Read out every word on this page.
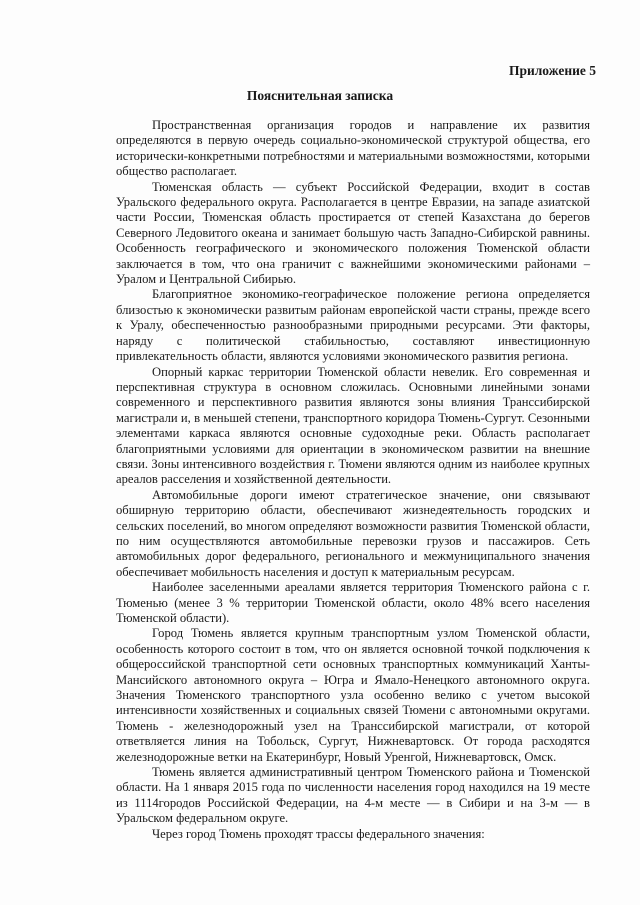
Приложение 5
Пояснительная записка

Пространственная организация городов и направление их развития определяются в первую очередь социально-экономической структурой общества, его исторически-конкретными потребностями и материальными возможностями, которыми общество располагает.

Тюменская область — субъект Российской Федерации, входит в состав Уральского федерального округа. Располагается в центре Евразии, на западе азиатской части России, Тюменская область простирается от степей Казахстана до берегов Северного Ледовитого океана и занимает большую часть Западно-Сибирской равнины. Особенность географического и экономического положения Тюменской области заключается в том, что она граничит с важнейшими экономическими районами – Уралом и Центральной Сибирью.

Благоприятное экономико-географическое положение региона определяется близостью к экономически развитым районам европейской части страны, прежде всего к Уралу, обеспеченностью разнообразными природными ресурсами. Эти факторы, наряду с политической стабильностью, составляют инвестиционную привлекательность области, являются условиями экономического развития региона.

Опорный каркас территории Тюменской области невелик. Его современная и перспективная структура в основном сложилась. Основными линейными зонами современного и перспективного развития являются зоны влияния Транссибирской магистрали и, в меньшей степени, транспортного коридора Тюмень-Сургут. Сезонными элементами каркаса являются основные судоходные реки. Область располагает благоприятными условиями для ориентации в экономическом развитии на внешние связи. Зоны интенсивного воздействия г. Тюмени являются одним из наиболее крупных ареалов расселения и хозяйственной деятельности.

Автомобильные дороги имеют стратегическое значение, они связывают обширную территорию области, обеспечивают жизнедеятельность городских и сельских поселений, во многом определяют возможности развития Тюменской области, по ним осуществляются автомобильные перевозки грузов и пассажиров. Сеть автомобильных дорог федерального, регионального и межмуниципального значения обеспечивает мобильность населения и доступ к материальным ресурсам.

Наиболее заселенными ареалами является территория Тюменского района с г. Тюменью (менее 3 % территории Тюменской области, около 48% всего населения Тюменской области).

Город Тюмень является крупным транспортным узлом Тюменской области, особенность которого состоит в том, что он является основной точкой подключения к общероссийской транспортной сети основных транспортных коммуникаций Ханты-Мансийского автономного округа – Югра и Ямало-Ненецкого автономного округа. Значения Тюменского транспортного узла особенно велико с учетом высокой интенсивности хозяйственных и социальных связей Тюмени с автономными округами. Тюмень - железнодорожный узел на Транссибирской магистрали, от которой ответвляется линия на Тобольск, Сургут, Нижневартовск. От города расходятся железнодорожные ветки на Екатеринбург, Новый Уренгой, Нижневартовск, Омск.

Тюмень является административный центром Тюменского района и Тюменской области. На 1 января 2015 года по численности населения город находился на 19 месте из 1114городов Российской Федерации, на 4-м месте — в Сибири и на 3-м — в Уральском федеральном округе.

Через город Тюмень проходят трассы федерального значения:
